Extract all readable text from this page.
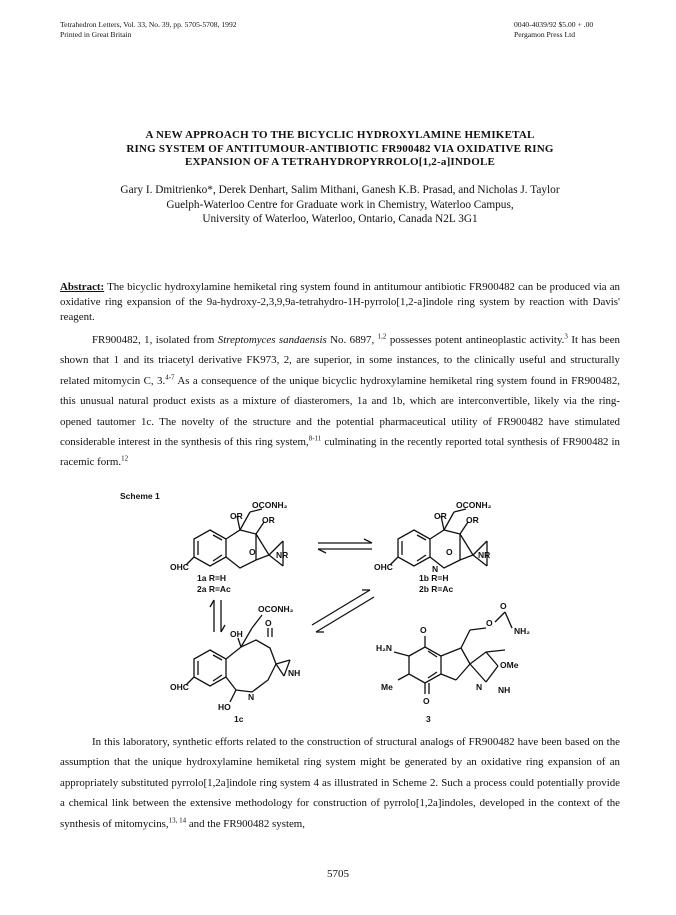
Tetrahedron Letters, Vol. 33, No. 39, pp. 5705-5708, 1992
Printed in Great Britain
0040-4039/92 $5.00 + .00
Pergamon Press Ltd
A NEW APPROACH TO THE BICYCLIC HYDROXYLAMINE HEMIKETAL
RING SYSTEM OF ANTITUMOUR-ANTIBIOTIC FR900482 VIA OXIDATIVE RING
EXPANSION OF A TETRAHYDROPYRROLO[1,2-a]INDOLE
Gary I. Dmitrienko*, Derek Denhart, Salim Mithani, Ganesh K.B. Prasad, and Nicholas J. Taylor
Guelph-Waterloo Centre for Graduate work in Chemistry, Waterloo Campus,
University of Waterloo, Waterloo, Ontario, Canada N2L 3G1
Abstract: The bicyclic hydroxylamine hemiketal ring system found in antitumour antibiotic FR900482 can be produced via an oxidative ring expansion of the 9a-hydroxy-2,3,9,9a-tetrahydro-1H-pyrrolo[1,2-a]indole ring system by reaction with Davis' reagent.
FR900482, 1, isolated from Streptomyces sandaensis No. 6897, $^{1,2}$ possesses potent antineoplastic activity.$^3$ It has been shown that 1 and its triacetyl derivative FK973, 2, are superior, in some instances, to the clinically useful and structurally related mitomycin C, 3.$^{4-7}$ As a consequence of the unique bicyclic hydroxylamine hemiketal ring system found in FR900482, this unusual natural product exists as a mixture of diasteromers, 1a and 1b, which are interconvertible, likely via the ring-opened tautomer 1c. The novelty of the structure and the potential pharmaceutical utility of FR900482 have stimulated considerable interest in the synthesis of this ring system,$^{8-11}$ culminating in the recently reported total synthesis of FR900482 in racemic form.$^{12}$
Scheme 1
OCONH₂
OR OR
O NR
OHC
1a R=H
2a R=Ac
OCONH₂
OR OR
O	NR
OHC	N
1b R=H
2b R=Ac
OCONH₂
OH
O
NH
OHC
N
HO
1c
H₂N
O
Me
O
N
OMe
NH
O
O
NH₂
3
In this laboratory, synthetic efforts related to the construction of structural analogs of FR900482 have been based on the assumption that the unique hydroxylamine hemiketal ring system might be generated by an oxidative ring expansion of an appropriately substituted pyrrolo[1,2a]indole ring system 4 as illustrated in Scheme 2. Such a process could potentially provide a chemical link between the extensive methodology for construction of pyrrolo[1,2a]indoles, developed in the context of the synthesis of mitomycins,$^{13, 14}$ and the FR900482 system,
5705
